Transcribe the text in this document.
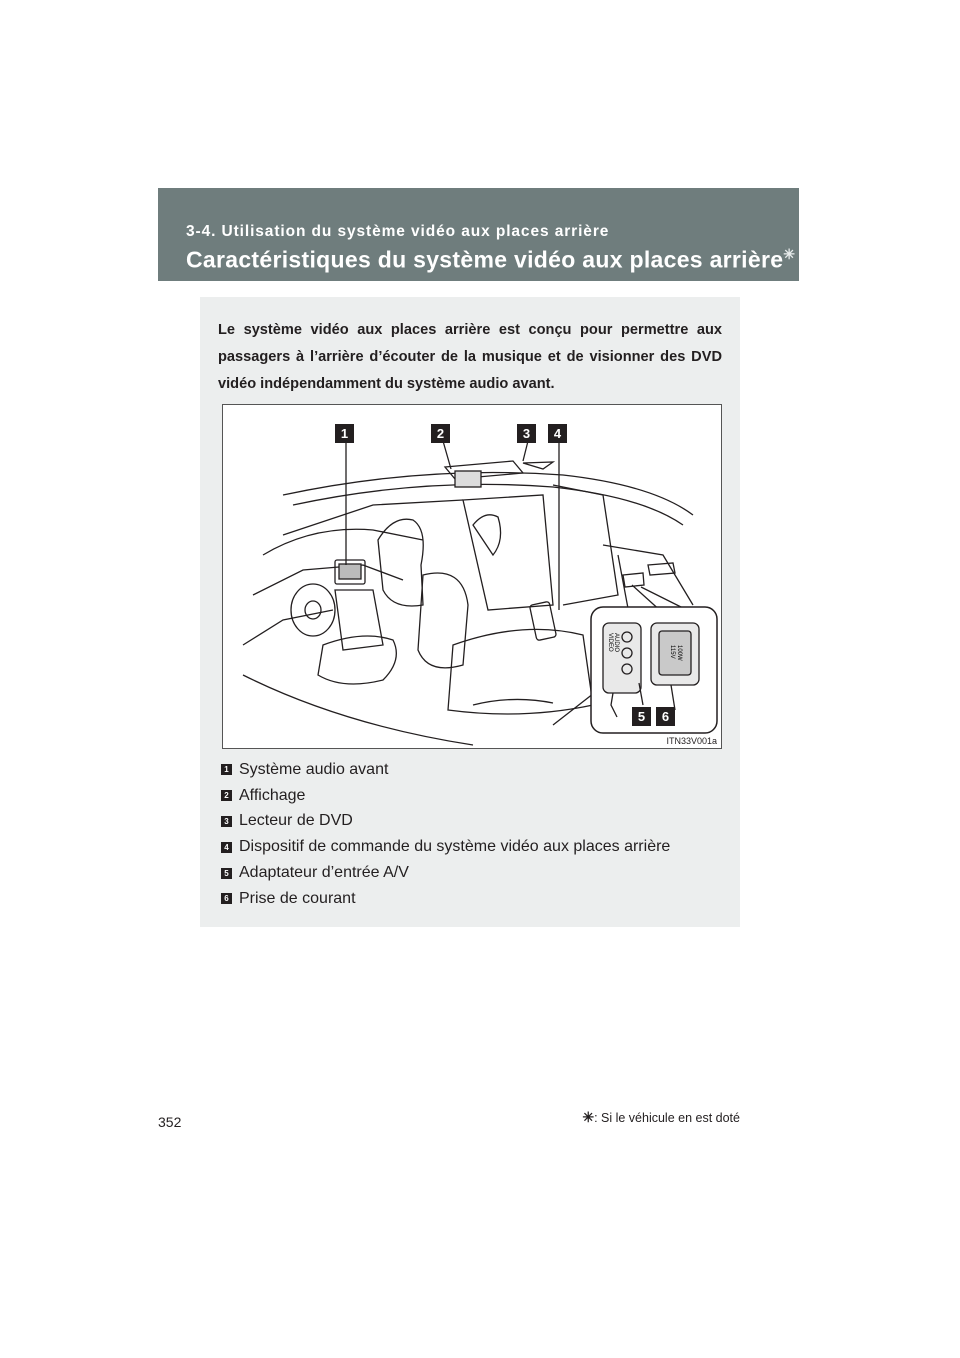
3-4. Utilisation du système vidéo aux places arrière
Caractéristiques du système vidéo aux places arrière✳
Le système vidéo aux places arrière est conçu pour permettre aux passagers à l’arrière d’écouter de la musique et de visionner des DVD vidéo indépendamment du système audio avant.
VIDEO AUDIO	115V 100W
1	2	3	4
5	6
ITN33V001a
1 Système audio avant
2 Affichage
3 Lecteur de DVD
4 Dispositif de commande du système vidéo aux places arrière
5 Adaptateur d’entrée A/V
6 Prise de courant
✳: Si le véhicule en est doté
352
